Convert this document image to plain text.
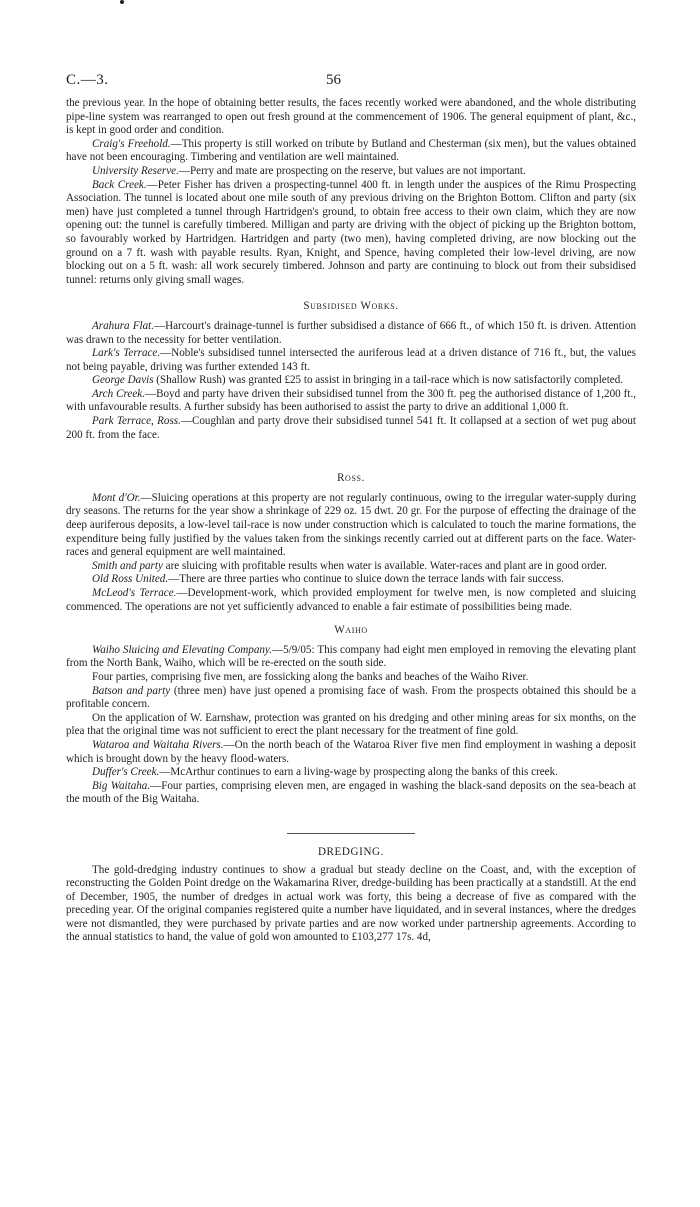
C.—3.	56

the previous year. In the hope of obtaining better results, the faces recently worked were abandoned, and the whole distributing pipe-line system was rearranged to open out fresh ground at the commencement of 1906. The general equipment of plant, &c., is kept in good order and condition.

Craig's Freehold.—This property is still worked on tribute by Butland and Chesterman (six men), but the values obtained have not been encouraging. Timbering and ventilation are well maintained.

University Reserve.—Perry and mate are prospecting on the reserve, but values are not important.

Back Creek.—Peter Fisher has driven a prospecting-tunnel 400 ft. in length under the auspices of the Rimu Prospecting Association. The tunnel is located about one mile south of any previous driving on the Brighton Bottom. Clifton and party (six men) have just completed a tunnel through Hartridgen's ground, to obtain free access to their own claim, which they are now opening out: the tunnel is carefully timbered. Milligan and party are driving with the object of picking up the Brighton bottom, so favourably worked by Hartridgen. Hartridgen and party (two men), having completed driving, are now blocking out the ground on a 7 ft. wash with payable results. Ryan, Knight, and Spence, having completed their low-level driving, are now blocking out on a 5 ft. wash: all work securely timbered. Johnson and party are continuing to block out from their subsidised tunnel: returns only giving small wages.

Subsidised Works.

Arahura Flat.—Harcourt's drainage-tunnel is further subsidised a distance of 666 ft., of which 150 ft. is driven. Attention was drawn to the necessity for better ventilation.

Lark's Terrace.—Noble's subsidised tunnel intersected the auriferous lead at a driven distance of 716 ft., but, the values not being payable, driving was further extended 143 ft.

George Davis (Shallow Rush) was granted £25 to assist in bringing in a tail-race which is now satisfactorily completed.

Arch Creek.—Boyd and party have driven their subsidised tunnel from the 300 ft. peg the authorised distance of 1,200 ft., with unfavourable results. A further subsidy has been authorised to assist the party to drive an additional 1,000 ft.

Park Terrace, Ross.—Coughlan and party drove their subsidised tunnel 541 ft. It collapsed at a section of wet pug about 200 ft. from the face.

Ross.

Mont d'Or.—Sluicing operations at this property are not regularly continuous, owing to the irregular water-supply during dry seasons. The returns for the year show a shrinkage of 229 oz. 15 dwt. 20 gr. For the purpose of effecting the drainage of the deep auriferous deposits, a low-level tail-race is now under construction which is calculated to touch the marine formations, the expenditure being fully justified by the values taken from the sinkings recently carried out at different parts on the face. Water-races and general equipment are well maintained.

Smith and party are sluicing with profitable results when water is available. Water-races and plant are in good order.

Old Ross United.—There are three parties who continue to sluice down the terrace lands with fair success.

McLeod's Terrace.—Development-work, which provided employment for twelve men, is now completed and sluicing commenced. The operations are not yet sufficiently advanced to enable a fair estimate of possibilities being made.

Waiho

Waiho Sluicing and Elevating Company.—5/9/05: This company had eight men employed in removing the elevating plant from the North Bank, Waiho, which will be re-erected on the south side.

Four parties, comprising five men, are fossicking along the banks and beaches of the Waiho River.

Batson and party (three men) have just opened a promising face of wash. From the prospects obtained this should be a profitable concern.

On the application of W. Earnshaw, protection was granted on his dredging and other mining areas for six months, on the plea that the original time was not sufficient to erect the plant necessary for the treatment of fine gold.

Wataroa and Waitaha Rivers.—On the north beach of the Wataroa River five men find employment in washing a deposit which is brought down by the heavy flood-waters.

Duffer's Creek.—McArthur continues to earn a living-wage by prospecting along the banks of this creek.

Big Waitaha.—Four parties, comprising eleven men, are engaged in washing the black-sand deposits on the sea-beach at the mouth of the Big Waitaha.

DREDGING.

The gold-dredging industry continues to show a gradual but steady decline on the Coast, and, with the exception of reconstructing the Golden Point dredge on the Wakamarina River, dredge-building has been practically at a standstill. At the end of December, 1905, the number of dredges in actual work was forty, this being a decrease of five as compared with the preceding year. Of the original companies registered quite a number have liquidated, and in several instances, where the dredges were not dismantled, they were purchased by private parties and are now worked under partnership agreements. According to the annual statistics to hand, the value of gold won amounted to £103,277 17s. 4d,
